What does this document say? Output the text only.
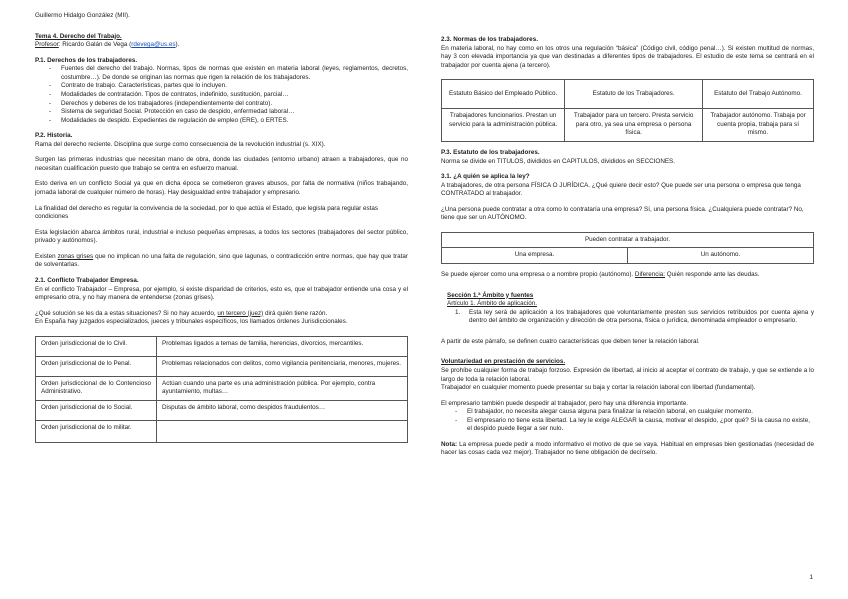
Guillermo Hidalgo González (MII).

Tema 4. Derecho del Trabajo.

Profesor: Ricardo Galán de Vega (rdevega@us.es).

P.1. Derechos de los trabajadores.

- Fuentes del derecho del trabajo. Normas, tipos de normas que existen en materia laboral (leyes, reglamentos, decretos, costumbre…). De donde se originan las normas que rigen la relación de los trabajadores.
- Contrato de trabajo. Características, partes que lo incluyen.
- Modalidades de contratación. Tipos de contratos, indefinido, sustitución, parcial…
- Derechos y deberes de los trabajadores (independientemente del contrato).
- Sistema de seguridad Social. Protección en caso de despido, enfermedad laboral…
- Modalidades de despido. Expedientes de regulación de empleo (ERE), o ERTES.

P.2. Historia.

Rama del derecho reciente. Disciplina que surge como consecuencia de la revolución industrial (s. XIX).

Surgen las primeras industrias que necesitan mano de obra, donde las ciudades (entorno urbano) atraen a trabajadores, que no necesitan cualificación puesto que trabajo se centra en esfuerzo manual.

Esto deriva en un conflicto Social ya que en dicha época se cometieron graves abusos, por falta de normativa (niños trabajando, jornada laboral de cualquier número de horas). Hay desigualdad entre trabajador y empresario.

La finalidad del derecho es regular la convivencia de la sociedad, por lo que actúa el Estado, que legisla para regular estas condiciones

Esta legislación abarca ámbitos rural, industrial e incluso pequeñas empresas, a todos los sectores (trabajadores del sector público, privado y autónomos).

Existen zonas grises que no implican no una falta de regulación, sino que lagunas, o contradicción entre normas, que hay que tratar de solventarlas.

2.1. Conflicto Trabajador Empresa.

En el conflicto Trabajador – Empresa, por ejemplo, si existe disparidad de criterios, esto es, que el trabajador entiende una cosa y el empresario otra, y no hay manera de entenderse (zonas grises).

¿Qué solución se les da a estas situaciones? Si no hay acuerdo, un tercero (juez) dirá quién tiene razón.

En España hay juzgados especializados, jueces y tribunales específicos, los llamados órdenes Jurisdiccionales.

Orden jurisdiccional de lo Civil.	Problemas ligados a temas de familia, herencias, divorcios, mercantiles.
Orden jurisdiccional de lo Penal.	Problemas relacionados con delitos, como vigilancia penitenciaria, menores, mujeres.
Orden jurisdiccional de lo Contencioso Administrativo.	Actúan cuando una parte es una administración pública. Por ejemplo, contra ayuntamiento, multas…
Orden jurisdiccional de lo Social.	Disputas de ámbito laboral, como despidos fraudulentos…
Orden jurisdiccional de lo militar.	

2.3. Normas de los trabajadores.

En materia laboral, no hay como en los otros una regulación “básica” (Código civil, código penal…). Si existen multitud de normas, hay 3 con elevada importancia ya que van destinadas a diferentes tipos de trabajadores. El estudio de este tema se centrará en el trabajador por cuenta ajena (a tercero).

Estatuto Básico del Empleado Público.	Estatuto de los Trabajadores.	Estatuto del Trabajo Autónomo.
Trabajadores funcionarios. Prestan un servicio para la administración pública.	Trabajador para un tercero. Presta servicio para otro, ya sea una empresa o persona física.	Trabajador autónomo. Trabaja por cuenta propia, trabaja para sí mismo.

P.3. Estatuto de los trabajadores.

Norma se divide en TITULOS, divididos en CAPITULOS, divididos en SECCIONES.

3.1. ¿A quién se aplica la ley?

A trabajadores, de otra persona FÍSICA O JURÍDICA. ¿Qué quiere decir esto? Que puede ser una persona o empresa que tenga CONTRATADO al trabajador.

¿Una persona puede contratar a otra como lo contrataría una empresa? Sí, una persona física. ¿Cualquiera puede contratar? No, tiene que ser un AUTÓNOMO.

Pueden contratar a trabajador.
Una empresa.	Un autónomo.

Se puede ejercer como una empresa o a nombre propio (autónomo). Diferencia: Quién responde ante las deudas.

Sección 1.ª Ámbito y fuentes

Artículo 1. Ámbito de aplicación.

1.	Esta ley será de aplicación a los trabajadores que voluntariamente presten sus servicios retribuidos por cuenta ajena y dentro del ámbito de organización y dirección de otra persona, física o jurídica, denominada empleador o empresario.

A partir de este párrafo, se definen cuatro características que deben tener la relación laboral.

Voluntariedad en prestación de servicios.

Se prohíbe cualquier forma de trabajo forzoso. Expresión de libertad, al inicio al aceptar el contrato de trabajo, y que se extiende a lo largo de toda la relación laboral.

Trabajador en cualquier momento puede presentar su baja y cortar la relación laboral con libertad (fundamental).

El empresario también puede despedir al trabajador, pero hay una diferencia importante.

- El trabajador, no necesita alegar causa alguna para finalizar la relación laboral, en cualquier momento.
- El empresario no tiene esta libertad. La ley le exige ALEGAR la causa, motivar el despido, ¿por qué? Si la causa no existe, el despido puede llegar a ser nulo.

Nota: La empresa puede pedir a modo informativo el motivo de que se vaya. Habitual en empresas bien gestionadas (necesidad de hacer las cosas cada vez mejor). Trabajador no tiene obligación de decírselo.

1
